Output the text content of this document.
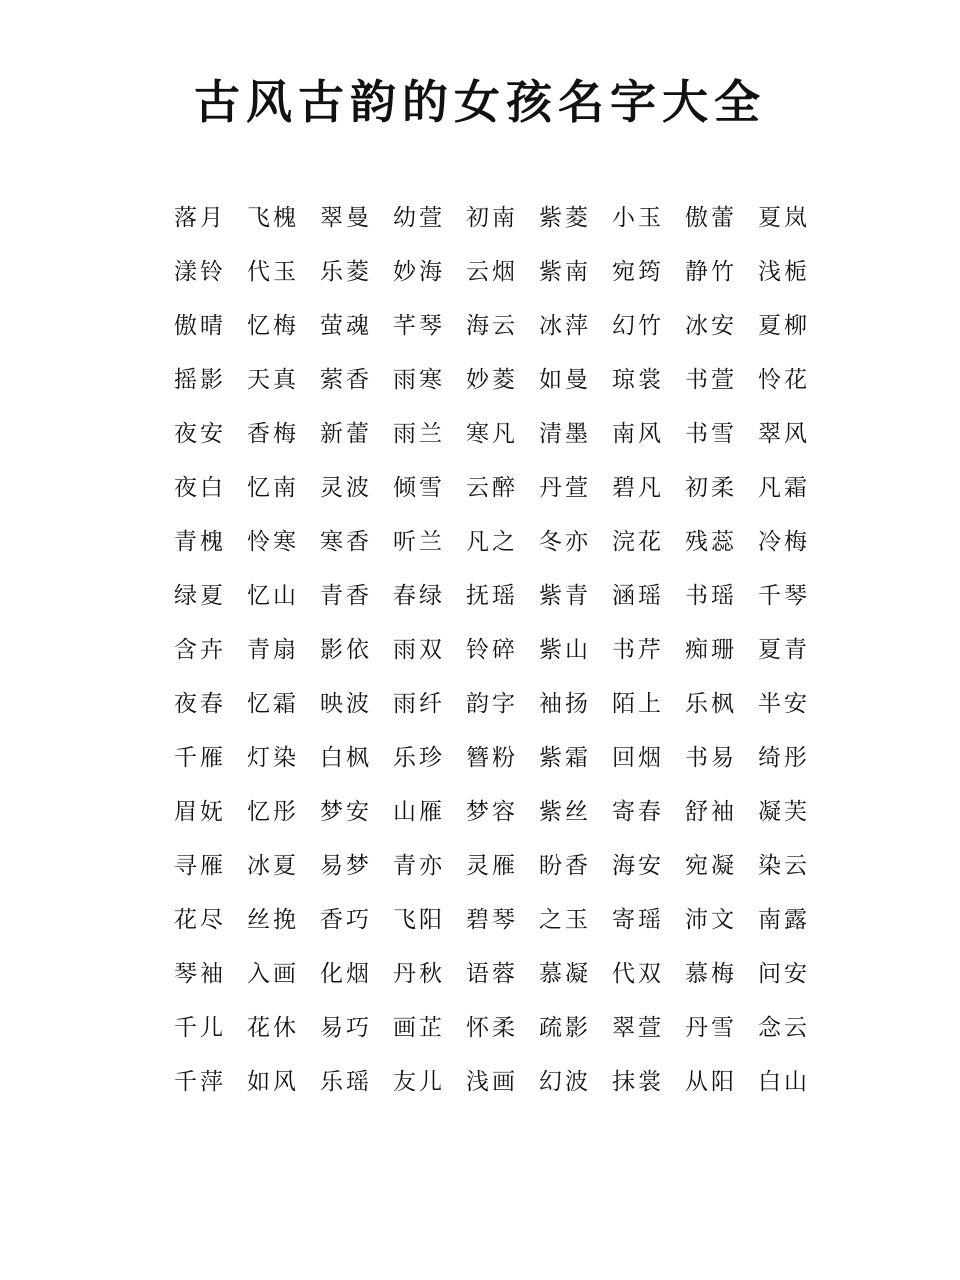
古风古韵的女孩名字大全
落月 飞槐 翠曼 幼萱 初南 紫菱 小玉 傲蕾 夏岚
漾铃 代玉 乐菱 妙海 云烟 紫南 宛筠 静竹 浅栀
傲晴 忆梅 萤魂 芊琴 海云 冰萍 幻竹 冰安 夏柳
摇影 天真 萦香 雨寒 妙菱 如曼 琼裳 书萱 怜花
夜安 香梅 新蕾 雨兰 寒凡 清墨 南风 书雪 翠风
夜白 忆南 灵波 倾雪 云醉 丹萱 碧凡 初柔 凡霜
青槐 怜寒 寒香 听兰 凡之 冬亦 浣花 残蕊 冷梅
绿夏 忆山 青香 春绿 抚瑶 紫青 涵瑶 书瑶 千琴
含卉 青扇 影依 雨双 铃碎 紫山 书芹 痴珊 夏青
夜春 忆霜 映波 雨纤 韵字 袖扬 陌上 乐枫 半安
千雁 灯染 白枫 乐珍 簪粉 紫霜 回烟 书易 绮彤
眉妩 忆彤 梦安 山雁 梦容 紫丝 寄春 舒袖 凝芙
寻雁 冰夏 易梦 青亦 灵雁 盼香 海安 宛凝 染云
花尽 丝挽 香巧 飞阳 碧琴 之玉 寄瑶 沛文 南露
琴袖 入画 化烟 丹秋 语蓉 慕凝 代双 慕梅 问安
千儿 花休 易巧 画芷 怀柔 疏影 翠萱 丹雪 念云
千萍 如风 乐瑶 友儿 浅画 幻波 抹裳 从阳 白山
